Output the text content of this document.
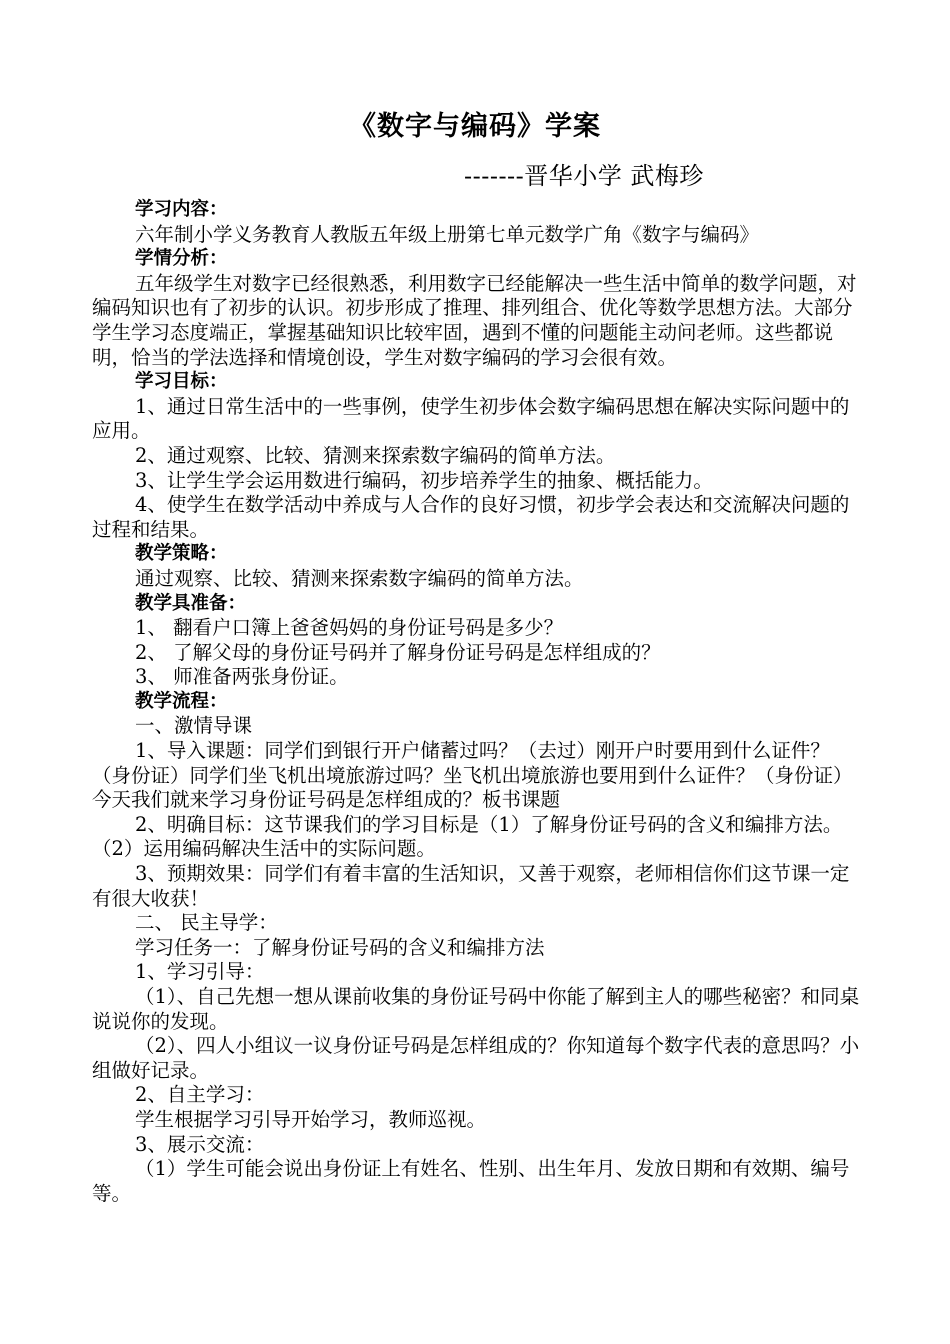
《数字与编码》学案
-------晋华小学 武梅珍

学习内容：

六年制小学义务教育人教版五年级上册第七单元数学广角《数字与编码》

学情分析：

五年级学生对数字已经很熟悉，利用数字已经能解决一些生活中简单的数学问题，对编码知识也有了初步的认识。初步形成了推理、排列组合、优化等数学思想方法。大部分学生学习态度端正，掌握基础知识比较牢固，遇到不懂的问题能主动问老师。这些都说明，恰当的学法选择和情境创设，学生对数字编码的学习会很有效。

学习目标：

1、通过日常生活中的一些事例，使学生初步体会数字编码思想在解决实际问题中的应用。

2、通过观察、比较、猜测来探索数字编码的简单方法。

3、让学生学会运用数进行编码，初步培养学生的抽象、概括能力。

4、使学生在数学活动中养成与人合作的良好习惯，初步学会表达和交流解决问题的过程和结果。

教学策略：

通过观察、比较、猜测来探索数字编码的简单方法。

教学具准备：

1、 翻看户口簿上爸爸妈妈的身份证号码是多少？

2、 了解父母的身份证号码并了解身份证号码是怎样组成的？

3、 师准备两张身份证。

教学流程：

一、激情导课

1、导入课题：同学们到银行开户储蓄过吗？（去过）刚开户时要用到什么证件？（身份证）同学们坐飞机出境旅游过吗？坐飞机出境旅游也要用到什么证件？（身份证）今天我们就来学习身份证号码是怎样组成的？板书课题

2、明确目标：这节课我们的学习目标是（1）了解身份证号码的含义和编排方法。（2）运用编码解决生活中的实际问题。

3、预期效果：同学们有着丰富的生活知识，又善于观察，老师相信你们这节课一定有很大收获！

二、 民主导学：

学习任务一：了解身份证号码的含义和编排方法

1、学习引导：

（1）、自己先想一想从课前收集的身份证号码中你能了解到主人的哪些秘密？和同桌说说你的发现。

（2）、四人小组议一议身份证号码是怎样组成的？你知道每个数字代表的意思吗？小组做好记录。

2、自主学习：

学生根据学习引导开始学习，教师巡视。

3、展示交流：

（1）学生可能会说出身份证上有姓名、性别、出生年月、发放日期和有效期、编号等。
